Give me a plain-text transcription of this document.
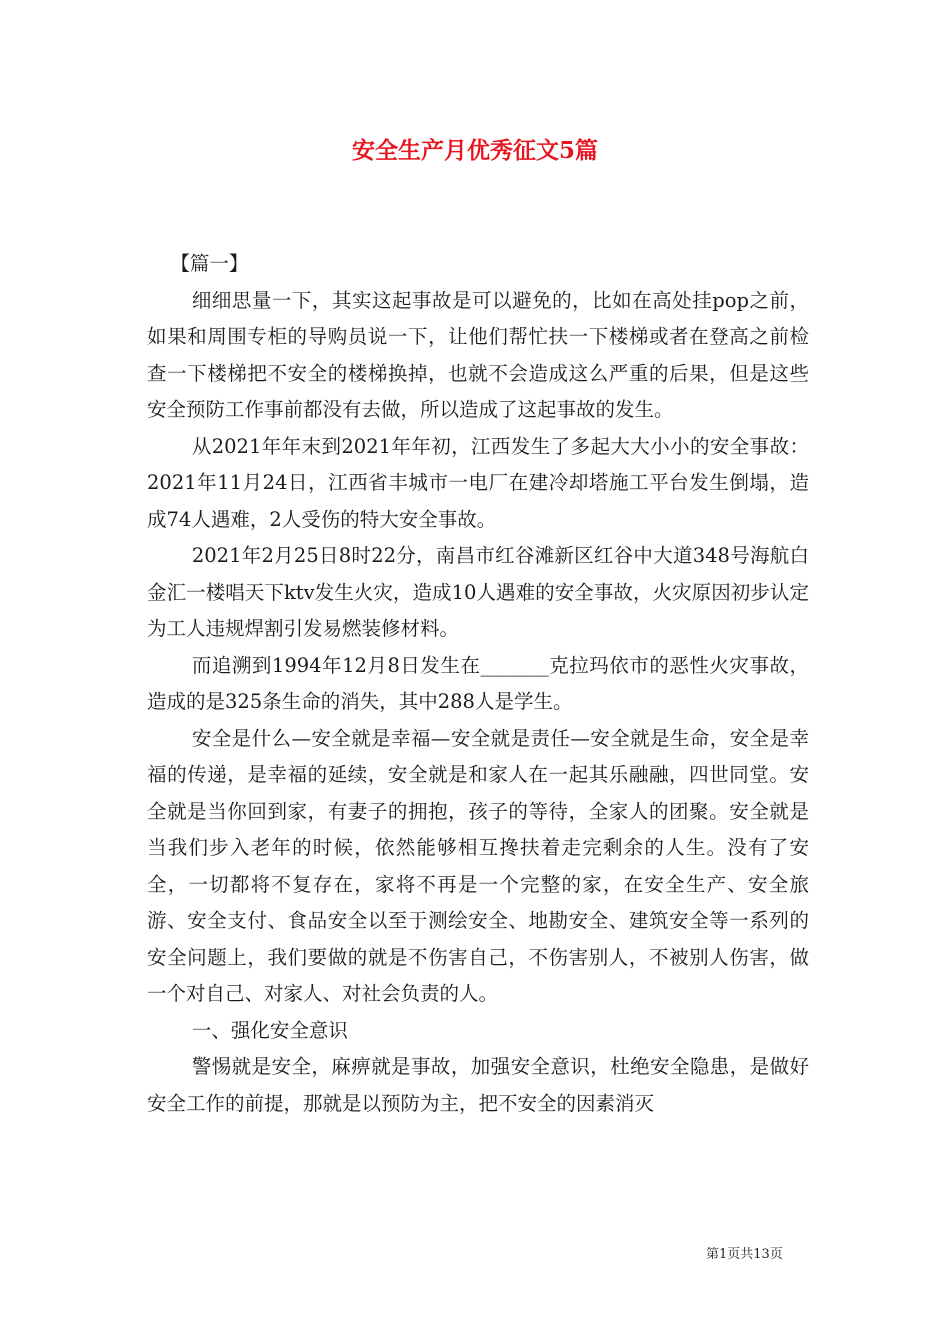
安全生产月优秀征文5篇

【篇一】

细细思量一下，其实这起事故是可以避免的，比如在高处挂pop之前，如果和周围专柜的导购员说一下，让他们帮忙扶一下楼梯或者在登高之前检查一下楼梯把不安全的楼梯换掉，也就不会造成这么严重的后果，但是这些安全预防工作事前都没有去做，所以造成了这起事故的发生。

从2021年年末到2021年年初，江西发生了多起大大小小的安全事故：2021年11月24日，江西省丰城市一电厂在建冷却塔施工平台发生倒塌，造成74人遇难，2人受伤的特大安全事故。

2021年2月25日8时22分，南昌市红谷滩新区红谷中大道348号海航白金汇一楼唱天下ktv发生火灾，造成10人遇难的安全事故，火灾原因初步认定为工人违规焊割引发易燃装修材料。

而追溯到1994年12月8日发生在_______克拉玛依市的恶性火灾事故，造成的是325条生命的消失，其中288人是学生。

安全是什么—安全就是幸福—安全就是责任—安全就是生命，安全是幸福的传递，是幸福的延续，安全就是和家人在一起其乐融融，四世同堂。安全就是当你回到家，有妻子的拥抱，孩子的等待，全家人的团聚。安全就是当我们步入老年的时候，依然能够相互搀扶着走完剩余的人生。没有了安全，一切都将不复存在，家将不再是一个完整的家，在安全生产、安全旅游、安全支付、食品安全以至于测绘安全、地勘安全、建筑安全等一系列的安全问题上，我们要做的就是不伤害自己，不伤害别人，不被别人伤害，做一个对自己、对家人、对社会负责的人。

一、强化安全意识

警惕就是安全，麻痹就是事故，加强安全意识，杜绝安全隐患，是做好安全工作的前提，那就是以预防为主，把不安全的因素消灭

第1页共13页
